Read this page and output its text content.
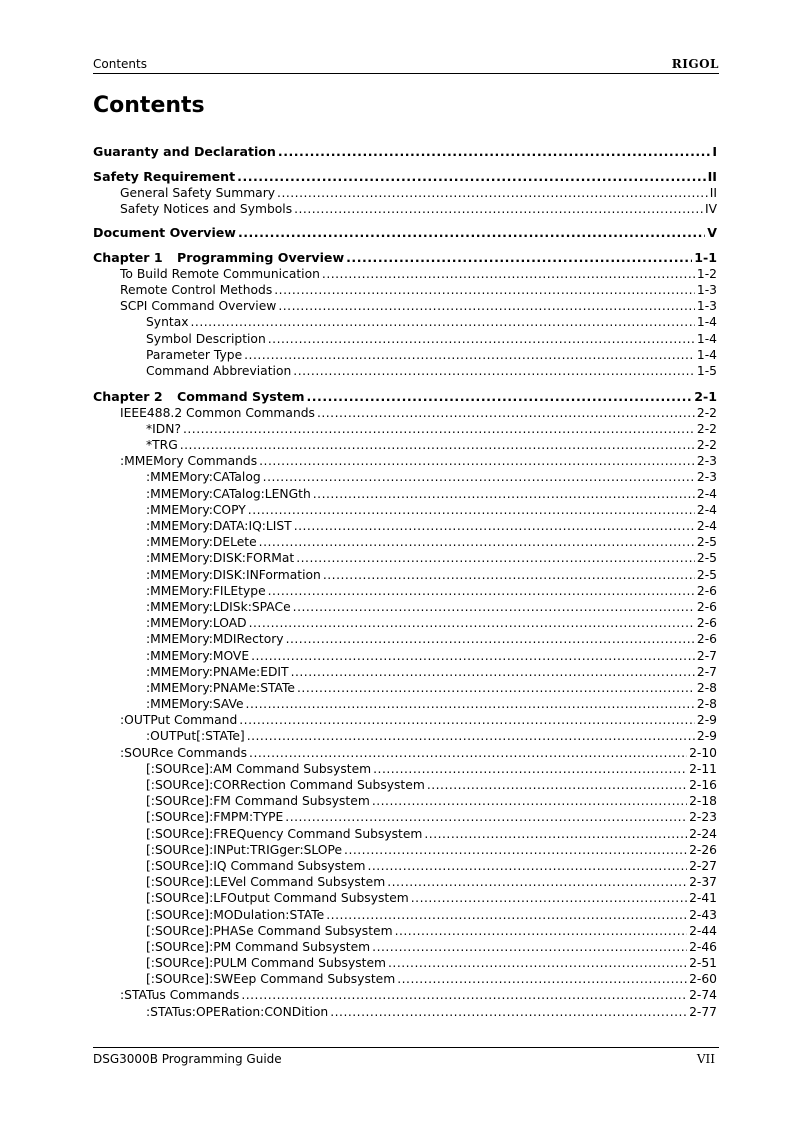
Contents	RIGOL
Contents
Guaranty and Declaration .....	I
Safety Requirement .....	II
General Safety Summary .....	II
Safety Notices and Symbols .....	IV
Document Overview .....	V
Chapter 1 Programming Overview .....	1-1
To Build Remote Communication .....	1-2
Remote Control Methods .....	1-3
SCPI Command Overview .....	1-3
Syntax .....	1-4
Symbol Description .....	1-4
Parameter Type .....	1-4
Command Abbreviation .....	1-5
Chapter 2 Command System .....	2-1
IEEE488.2 Common Commands .....	2-2
*IDN? .....	2-2
*TRG .....	2-2
:MMEMory Commands .....	2-3
:MMEMory:CATalog .....	2-3
:MMEMory:CATalog:LENGth .....	2-4
:MMEMory:COPY .....	2-4
:MMEMory:DATA:IQ:LIST .....	2-4
:MMEMory:DELete .....	2-5
:MMEMory:DISK:FORMat .....	2-5
:MMEMory:DISK:INFormation .....	2-5
:MMEMory:FILEtype .....	2-6
:MMEMory:LDISk:SPACe .....	2-6
:MMEMory:LOAD .....	2-6
:MMEMory:MDIRectory .....	2-6
:MMEMory:MOVE .....	2-7
:MMEMory:PNAMe:EDIT .....	2-7
:MMEMory:PNAMe:STATe .....	2-8
:MMEMory:SAVe .....	2-8
:OUTPut Command .....	2-9
:OUTPut[:STATe] .....	2-9
:SOURce Commands .....	2-10
[:SOURce]:AM Command Subsystem .....	2-11
[:SOURce]:CORRection Command Subsystem .....	2-16
[:SOURce]:FM Command Subsystem .....	2-18
[:SOURce]:FMPM:TYPE .....	2-23
[:SOURce]:FREQuency Command Subsystem .....	2-24
[:SOURce]:INPut:TRIGger:SLOPe .....	2-26
[:SOURce]:IQ Command Subsystem .....	2-27
[:SOURce]:LEVel Command Subsystem .....	2-37
[:SOURce]:LFOutput Command Subsystem .....	2-41
[:SOURce]:MODulation:STATe .....	2-43
[:SOURce]:PHASe Command Subsystem .....	2-44
[:SOURce]:PM Command Subsystem .....	2-46
[:SOURce]:PULM Command Subsystem .....	2-51
[:SOURce]:SWEep Command Subsystem .....	2-60
:STATus Commands .....	2-74
:STATus:OPERation:CONDition .....	2-77
DSG3000B Programming Guide	VII
